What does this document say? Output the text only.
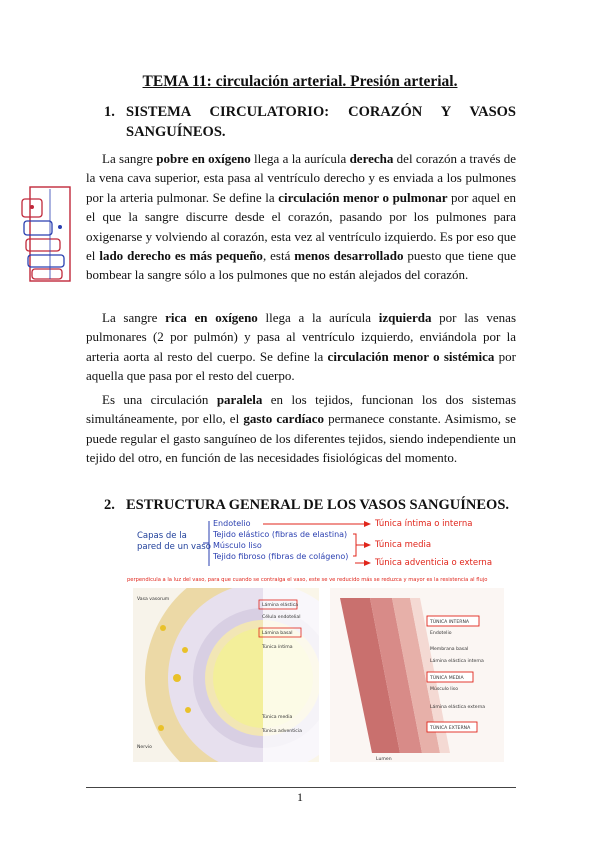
TEMA 11: circulación arterial. Presión arterial.
1. SISTEMA CIRCULATORIO: CORAZÓN Y VASOS
SANGUÍNEOS.

La sangre pobre en oxígeno llega a la aurícula derecha del corazón a través de la vena cava superior, esta pasa al ventrículo derecho y es enviada a los pulmones por la arteria pulmonar. Se define la circulación menor o pulmonar por aquel en el que la sangre discurre desde el corazón, pasando por los pulmones para oxigenarse y volviendo al corazón, esta vez al ventrículo izquierdo. Es por eso que el lado derecho es más pequeño, está menos desarrollado puesto que tiene que bombear la sangre sólo a los pulmones que no están alejados del corazón.

La sangre rica en oxígeno llega a la aurícula izquierda por las venas pulmonares (2 por pulmón) y pasa al ventrículo izquierdo, enviándola por la arteria aorta al resto del cuerpo. Se define la circulación menor o sistémica por aquella que pasa por el resto del cuerpo.

Es una circulación paralela en los tejidos, funcionan los dos sistemas simultáneamente, por ello, el gasto cardíaco permanece constante. Asimismo, se puede regular el gasto sanguíneo de los diferentes tejidos, siendo independiente un tejido del otro, en función de las necesidades fisiológicas del momento.

2. ESTRUCTURA GENERAL DE LOS VASOS SANGUÍNEOS.
Capas de la
pared de un vaso
Endotelio
Tejido elástico (fibras de elastina)
Músculo liso
Tejido fibroso (fibras de colágeno)
Túnica íntima o interna
Túnica media
Túnica adventicia o externa
perpendicula a la luz del vaso, para que cuando se contraiga el vaso, este se ve reducido más se reduzca y mayor es la resistencia al flujo
Lámina elástica
Célula endotelial
Lámina basal
Túnica íntima
Túnica media
Túnica adventicia
Vasa vasorum
Nervio
TÚNICA INTERNA
Endotelio
Membrana basal
Lámina elástica interna
TÚNICA MEDIA
Músculo liso
Lámina elástica externa
TÚNICA EXTERNA
Lumen
1
